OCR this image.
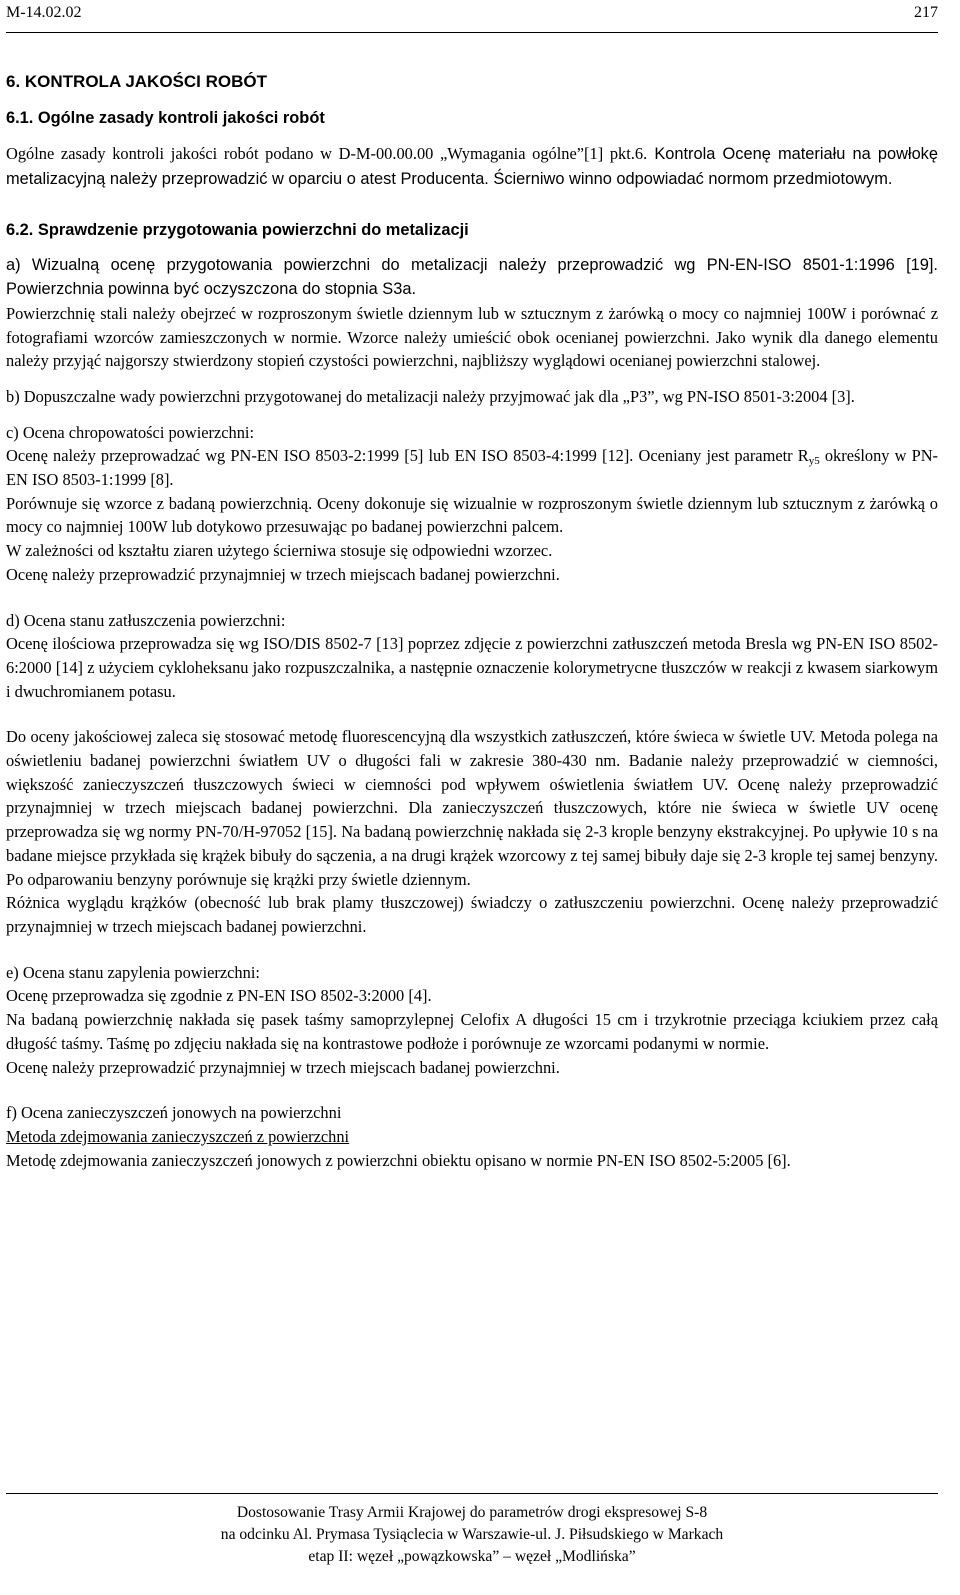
M-14.02.02	217

6. KONTROLA JAKOŚCI ROBÓT

6.1. Ogólne zasady kontroli jakości robót

Ogólne zasady kontroli jakości robót podano w D-M-00.00.00 „Wymagania ogólne”[1] pkt.6. Kontrola Ocenę materiału na powłokę metalizacyjną należy przeprowadzić w oparciu o atest Producenta. Ścierniwo winno odpowiadać normom przedmiotowym.

6.2. Sprawdzenie przygotowania powierzchni do metalizacji

a) Wizualną ocenę przygotowania powierzchni do metalizacji należy przeprowadzić wg PN-EN-ISO 8501-1:1996 [19]. Powierzchnia powinna być oczyszczona do stopnia S3a.

Powierzchnię stali należy obejrzeć w rozproszonym świetle dziennym lub w sztucznym z żarówką o mocy co najmniej 100W i porównać z fotografiami wzorców zamieszczonych w normie. Wzorce należy umieścić obok ocenianej powierzchni. Jako wynik dla danego elementu należy przyjąć najgorszy stwierdzony stopień czystości powierzchni, najbliższy wyglądowi ocenianej powierzchni stalowej.

b) Dopuszczalne wady powierzchni przygotowanej do metalizacji należy przyjmować jak dla „P3”, wg PN-ISO 8501-3:2004 [3].

c) Ocena chropowatości powierzchni:

Ocenę należy przeprowadzać wg PN-EN ISO 8503-2:1999 [5] lub EN ISO 8503-4:1999 [12]. Oceniany jest parametr $R_{y5}$ określony w PN-EN ISO 8503-1:1999 [8].

Porównuje się wzorce z badaną powierzchnią. Oceny dokonuje się wizualnie w rozproszonym świetle dziennym lub sztucznym z żarówką o mocy co najmniej 100W lub dotykowo przesuwając po badanej powierzchni palcem.

W zależności od kształtu ziaren użytego ścierniwa stosuje się odpowiedni wzorzec.

Ocenę należy przeprowadzić przynajmniej w trzech miejscach badanej powierzchni.

d) Ocena stanu zatłuszczenia powierzchni:

Ocenę ilościowa przeprowadza się wg ISO/DIS 8502-7 [13] poprzez zdjęcie z powierzchni zatłuszczeń metoda Bresla wg PN-EN ISO 8502-6:2000 [14] z użyciem cykloheksanu jako rozpuszczalnika, a następnie oznaczenie kolorymetrycne tłuszczów w reakcji z kwasem siarkowym i dwuchromianem potasu.

Do oceny jakościowej zaleca się stosować metodę fluorescencyjną dla wszystkich zatłuszczeń, które świeca w świetle UV. Metoda polega na oświetleniu badanej powierzchni światłem UV o długości fali w zakresie 380-430 nm. Badanie należy przeprowadzić w ciemności, większość zanieczyszczeń tłuszczowych świeci w ciemności pod wpływem oświetlenia światłem UV. Ocenę należy przeprowadzić przynajmniej w trzech miejscach badanej powierzchni. Dla zanieczyszczeń tłuszczowych, które nie świeca w świetle UV ocenę przeprowadza się wg normy PN-70/H-97052 [15]. Na badaną powierzchnię nakłada się 2-3 krople benzyny ekstrakcyjnej. Po upływie 10 s na badane miejsce przykłada się krążek bibuły do sączenia, a na drugi krążek wzorcowy z tej samej bibuły daje się 2-3 krople tej samej benzyny. Po odparowaniu benzyny porównuje się krążki przy świetle dziennym.

Różnica wyglądu krążków (obecność lub brak plamy tłuszczowej) świadczy o zatłuszczeniu powierzchni. Ocenę należy przeprowadzić przynajmniej w trzech miejscach badanej powierzchni.

e) Ocena stanu zapylenia powierzchni:

Ocenę przeprowadza się zgodnie z PN-EN ISO 8502-3:2000 [4].

Na badaną powierzchnię nakłada się pasek taśmy samoprzylepnej Celofix A długości 15 cm i trzykrotnie przeciąga kciukiem przez całą długość taśmy. Taśmę po zdjęciu nakłada się na kontrastowe podłoże i porównuje ze wzorcami podanymi w normie.

Ocenę należy przeprowadzić przynajmniej w trzech miejscach badanej powierzchni.

f) Ocena zanieczyszczeń jonowych na powierzchni

Metoda zdejmowania zanieczyszczeń z powierzchni

Metodę zdejmowania zanieczyszczeń jonowych z powierzchni obiektu opisano w normie PN-EN ISO 8502-5:2005 [6].

Dostosowanie Trasy Armii Krajowej do parametrów drogi ekspresowej S-8
na odcinku Al. Prymasa Tysiąclecia w Warszawie-ul. J. Piłsudskiego w Markach
etap II: węzeł „powązkowska” – węzeł „Modlińska”
